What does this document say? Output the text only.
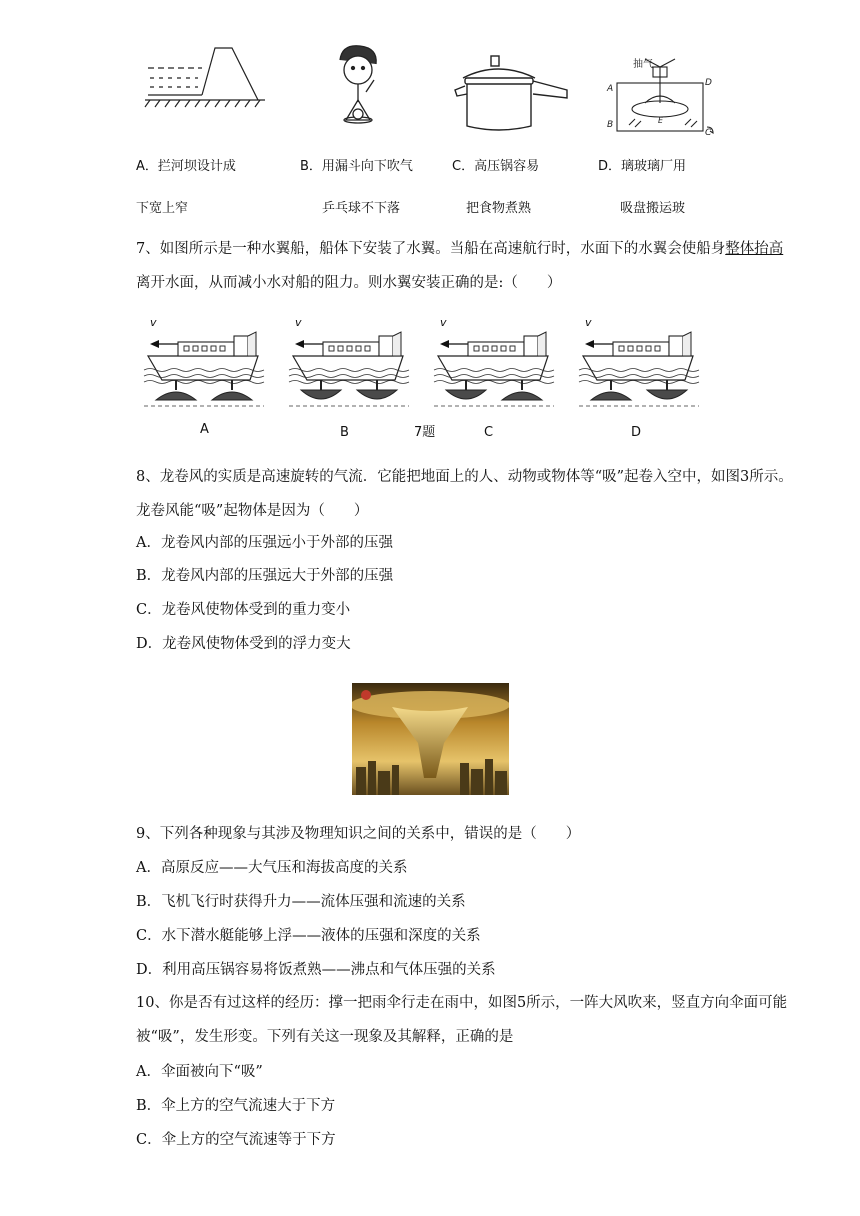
抽气
A
B
D
C
E
A．拦河坝设计成	B．用漏斗向下吹气	C．高压锅容易	D．璃玻璃厂用
下宽上窄	乒乓球不下落	把食物煮熟	吸盘搬运玻
7、如图所示是一种水翼船，船体下安装了水翼。当船在高速航行时，水面下的水翼会使船身整体抬高离开水面，从而减小水对船的阻力。则水翼安装正确的是:（　　）
v	v	v	v
A	B	7题	C	D
8、龙卷风的实质是高速旋转的气流．它能把地面上的人、动物或物体等“吸”起卷入空中，如图3所示。龙卷风能“吸”起物体是因为（　　）
A．龙卷风内部的压强远小于外部的压强
B．龙卷风内部的压强远大于外部的压强
C．龙卷风使物体受到的重力变小
D．龙卷风使物体受到的浮力变大
9、下列各种现象与其涉及物理知识之间的关系中，错误的是（　　）
A．高原反应——大气压和海拔高度的关系
B．飞机飞行时获得升力——流体压强和流速的关系
C．水下潜水艇能够上浮——液体的压强和深度的关系
D．利用高压锅容易将饭煮熟——沸点和气体压强的关系
10、你是否有过这样的经历：撑一把雨伞行走在雨中，如图5所示，一阵大风吹来，竖直方向伞面可能被“吸”，发生形变。下列有关这一现象及其解释，正确的是
A．伞面被向下“吸”
B．伞上方的空气流速大于下方
C．伞上方的空气流速等于下方
